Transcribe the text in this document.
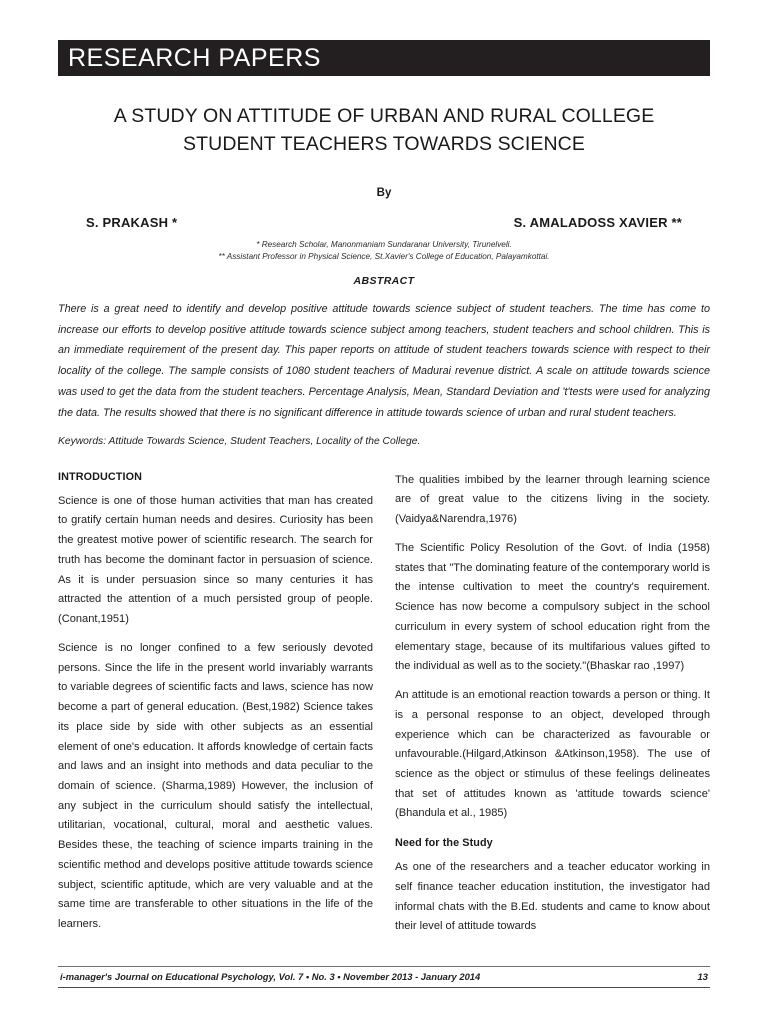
RESEARCH PAPERS
A STUDY ON ATTITUDE OF URBAN AND RURAL COLLEGE STUDENT TEACHERS TOWARDS SCIENCE
By
S. PRAKASH *	S. AMALADOSS XAVIER **
* Research Scholar, Manonmaniam Sundaranar University, Tirunelveli.
** Assistant Professor in Physical Science, St.Xavier's College of Education, Palayamkottai.
ABSTRACT
There is a great need to identify and develop positive attitude towards science subject of student teachers. The time has come to increase our efforts to develop positive attitude towards science subject among teachers, student teachers and school children. This is an immediate requirement of the present day. This paper reports on attitude of student teachers towards science with respect to their locality of the college. The sample consists of 1080 student teachers of Madurai revenue district. A scale on attitude towards science was used to get the data from the student teachers. Percentage Analysis, Mean, Standard Deviation and 't'tests were used for analyzing the data. The results showed that there is no significant difference in attitude towards science of urban and rural student teachers.
Keywords: Attitude Towards Science, Student Teachers, Locality of the College.
INTRODUCTION

Science is one of those human activities that man has created to gratify certain human needs and desires. Curiosity has been the greatest motive power of scientific research. The search for truth has become the dominant factor in persuasion of science. As it is under persuasion since so many centuries it has attracted the attention of a much persisted group of people. (Conant,1951)

Science is no longer confined to a few seriously devoted persons. Since the life in the present world invariably warrants to variable degrees of scientific facts and laws, science has now become a part of general education. (Best,1982) Science takes its place side by side with other subjects as an essential element of one's education. It affords knowledge of certain facts and laws and an insight into methods and data peculiar to the domain of science. (Sharma,1989) However, the inclusion of any subject in the curriculum should satisfy the intellectual, utilitarian, vocational, cultural, moral and aesthetic values. Besides these, the teaching of science imparts training in the scientific method and develops positive attitude towards science subject, scientific aptitude, which are very valuable and at the same time are transferable to other situations in the life of the learners.

The qualities imbibed by the learner through learning science are of great value to the citizens living in the society.(Vaidya&Narendra,1976)

The Scientific Policy Resolution of the Govt. of India (1958) states that "The dominating feature of the contemporary world is the intense cultivation to meet the country's requirement. Science has now become a compulsory subject in the school curriculum in every system of school education right from the elementary stage, because of its multifarious values gifted to the individual as well as to the society."(Bhaskar rao ,1997)

An attitude is an emotional reaction towards a person or thing. It is a personal response to an object, developed through experience which can be characterized as favourable or unfavourable.(Hilgard,Atkinson &Atkinson,1958). The use of science as the object or stimulus of these feelings delineates that set of attitudes known as 'attitude towards science' (Bhandula et al., 1985)

Need for the Study

As one of the researchers and a teacher educator working in self finance teacher education institution, the investigator had informal chats with the B.Ed. students and came to know about their level of attitude towards

i-manager's Journal on Educational Psychology, Vol. 7 • No. 3 • November 2013 - January 2014	13
